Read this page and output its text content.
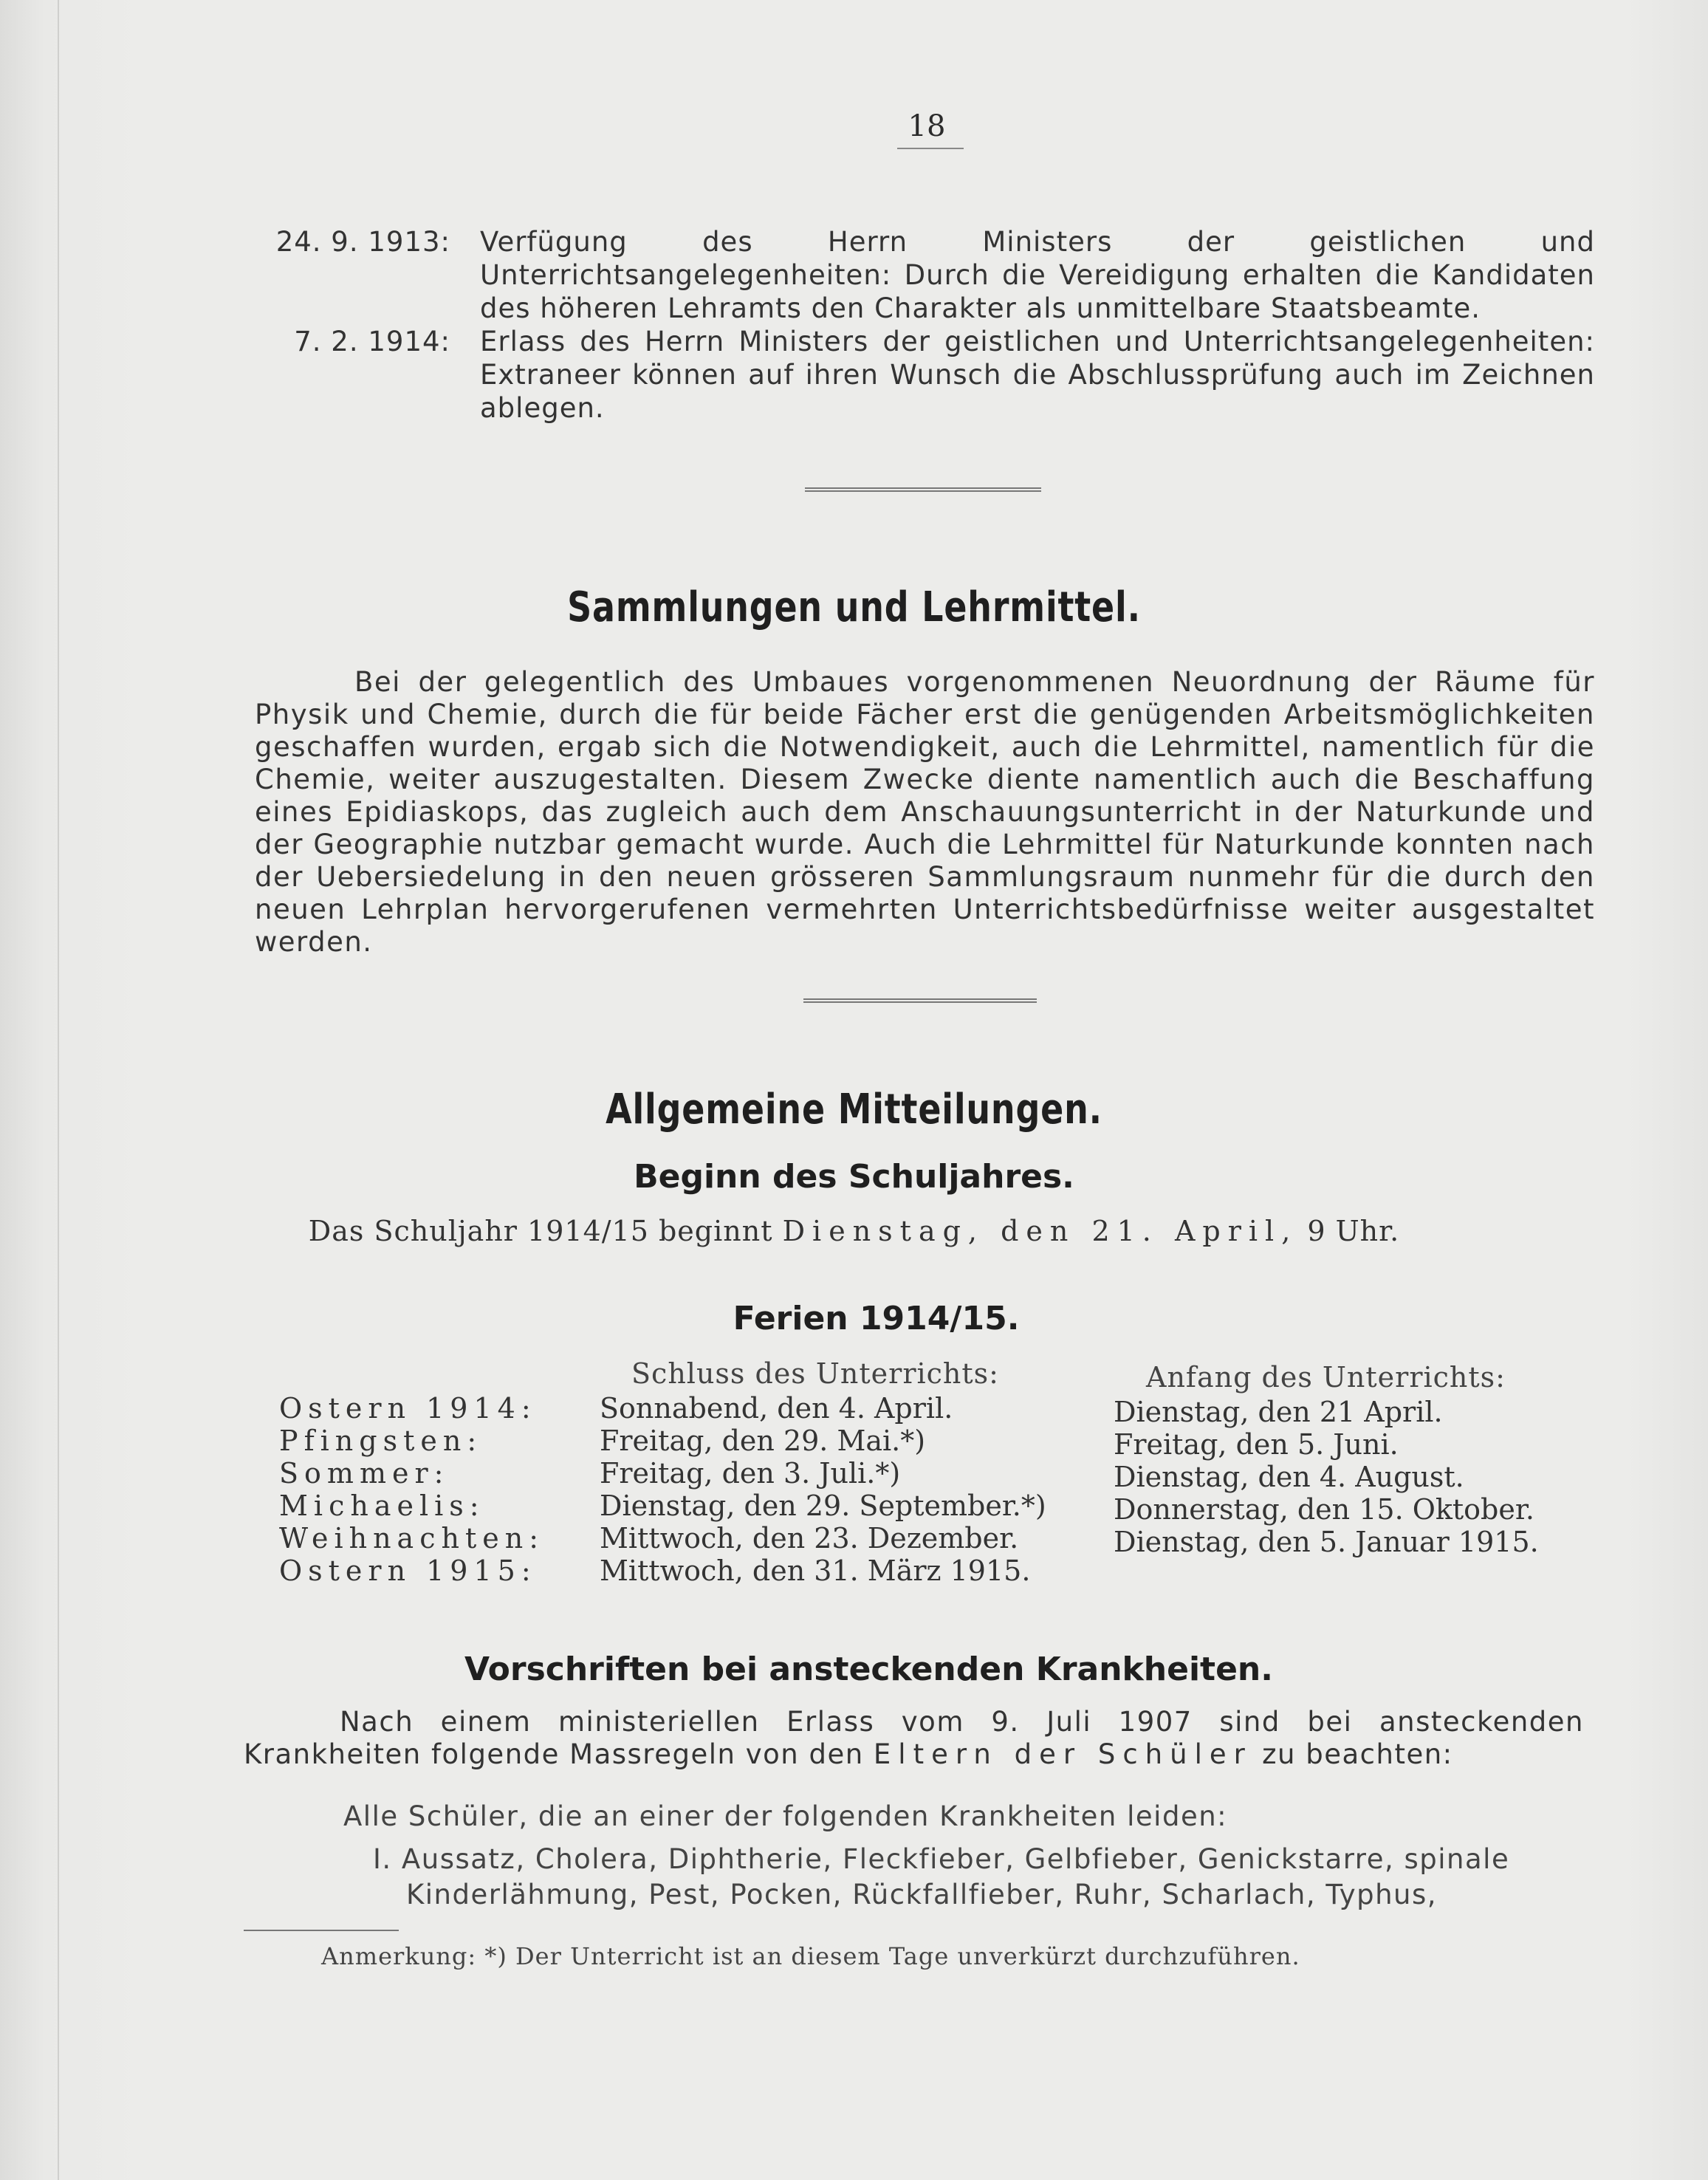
18
24. 9. 1913: Verfügung des Herrn Ministers der geistlichen und Unterrichtsangelegenheiten: Durch die Vereidigung erhalten die Kandidaten des höheren Lehramts den Charakter als unmittelbare Staatsbeamte.
7. 2. 1914: Erlass des Herrn Ministers der geistlichen und Unterrichtsangelegenheiten: Extraneer können auf ihren Wunsch die Abschlussprüfung auch im Zeichnen ablegen.
Sammlungen und Lehrmittel.
Bei der gelegentlich des Umbaues vorgenommenen Neuordnung der Räume für Physik und Chemie, durch die für beide Fächer erst die genügenden Arbeitsmöglichkeiten geschaffen wurden, ergab sich die Notwendigkeit, auch die Lehrmittel, namentlich für die Chemie, weiter auszugestalten. Diesem Zwecke diente namentlich auch die Beschaffung eines Epidiaskops, das zugleich auch dem Anschauungsunterricht in der Naturkunde und der Geographie nutzbar gemacht wurde. Auch die Lehrmittel für Naturkunde konnten nach der Uebersiedelung in den neuen grösseren Sammlungsraum nunmehr für die durch den neuen Lehrplan hervorgerufenen vermehrten Unterrichtsbedürfnisse weiter ausgestaltet werden.
Allgemeine Mitteilungen.
Beginn des Schuljahres.
Das Schuljahr 1914/15 beginnt Dienstag, den 21. April, 9 Uhr.
Ferien 1914/15.
Schluss des Unterrichts:	Anfang des Unterrichts:
Ostern 1914:
Pfingsten:
Sommer:
Michaelis:
Weihnachten:
Ostern 1915:
Sonnabend, den 4. April.
Freitag, den 29. Mai.*)
Freitag, den 3. Juli.*)
Dienstag, den 29. September.*)
Mittwoch, den 23. Dezember.
Mittwoch, den 31. März 1915.
Dienstag, den 21 April.
Freitag, den 5. Juni.
Dienstag, den 4. August.
Donnerstag, den 15. Oktober.
Dienstag, den 5. Januar 1915.
Vorschriften bei ansteckenden Krankheiten.
Nach einem ministeriellen Erlass vom 9. Juli 1907 sind bei ansteckenden Krankheiten folgende Massregeln von den Eltern der Schüler zu beachten:
Alle Schüler, die an einer der folgenden Krankheiten leiden:
I. Aussatz, Cholera, Diphtherie, Fleckfieber, Gelbfieber, Genickstarre, spinale
Kinderlähmung, Pest, Pocken, Rückfallfieber, Ruhr, Scharlach, Typhus,
Anmerkung: *) Der Unterricht ist an diesem Tage unverkürzt durchzuführen.
